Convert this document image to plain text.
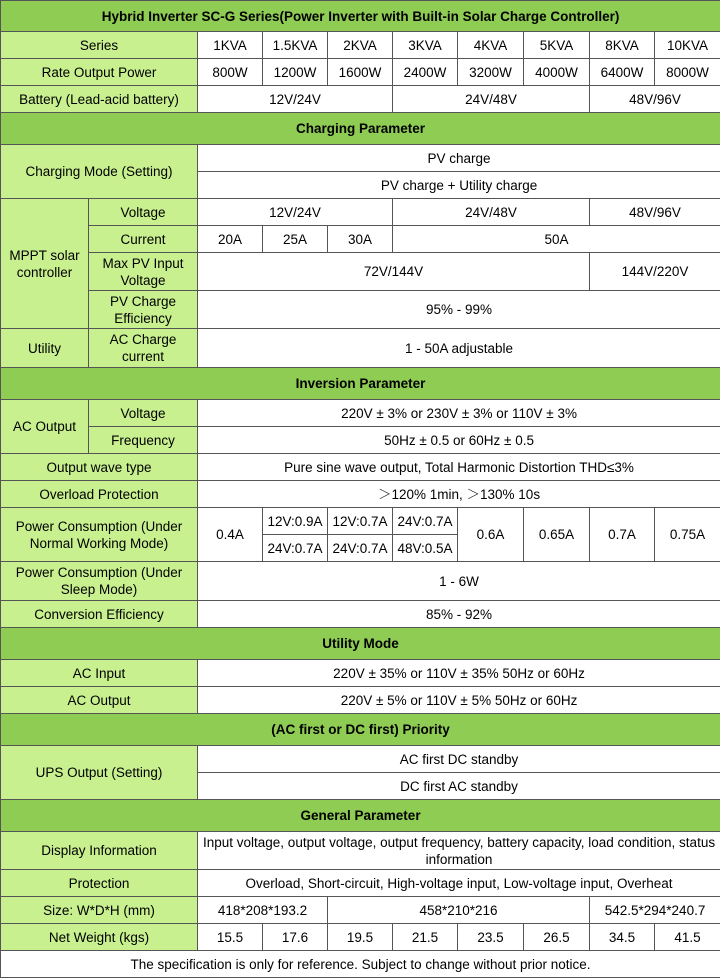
Hybrid Inverter SC-G Series(Power Inverter with Built-in Solar Charge Controller)									
Series		1KVA	1.5KVA	2KVA	3KVA	4KVA	5KVA	8KVA	10KVA
Rate Output Power		800W	1200W	1600W	2400W	3200W	4000W	6400W	8000W
Battery (Lead-acid battery)		12V/24V			24V/48V			48V/96V	
Charging Parameter									
Charging Mode (Setting)		PV charge							
		PV charge + Utility charge							
MPPT solar controller	Voltage	12V/24V			24V/48V			48V/96V	
	Current	20A	25A	30A	50A				
	Max PV Input Voltage	72V/144V						144V/220V	
	PV Charge Efficiency	95% - 99%							
Utility	AC Charge current	1 - 50A adjustable							
Inversion Parameter									
AC Output	Voltage	220V ± 3% or 230V ± 3% or 110V ± 3%							
	Frequency	50Hz ± 0.5 or 60Hz ± 0.5							
Output wave type		Pure sine wave output, Total Harmonic Distortion THD≤3%							
Overload Protection		＞120% 1min, ＞130% 10s							
Power Consumption (Under Normal Working Mode)		0.4A	12V:0.9A	12V:0.7A	24V:0.7A	0.6A	0.65A	0.7A	0.75A
			24V:0.7A	24V:0.7A	48V:0.5A				
Power Consumption (Under Sleep Mode)		1 - 6W							
Conversion Efficiency		85% - 92%							
Utility Mode									
AC Input		220V ± 35% or 110V ± 35% 50Hz or 60Hz							
AC Output		220V ± 5% or 110V ± 5% 50Hz or 60Hz							
(AC first or DC first) Priority									
UPS Output (Setting)		AC first DC standby							
		DC first AC standby							
General Parameter									
Display Information		Input voltage, output voltage, output frequency, battery capacity, load condition, status information							
Protection		Overload, Short-circuit, High-voltage input, Low-voltage input, Overheat							
Size: W*D*H (mm)		418*208*193.2		458*210*216				542.5*294*240.7	
Net Weight (kgs)		15.5	17.6	19.5	21.5	23.5	26.5	34.5	41.5
The specification is only for reference. Subject to change without prior notice.									
